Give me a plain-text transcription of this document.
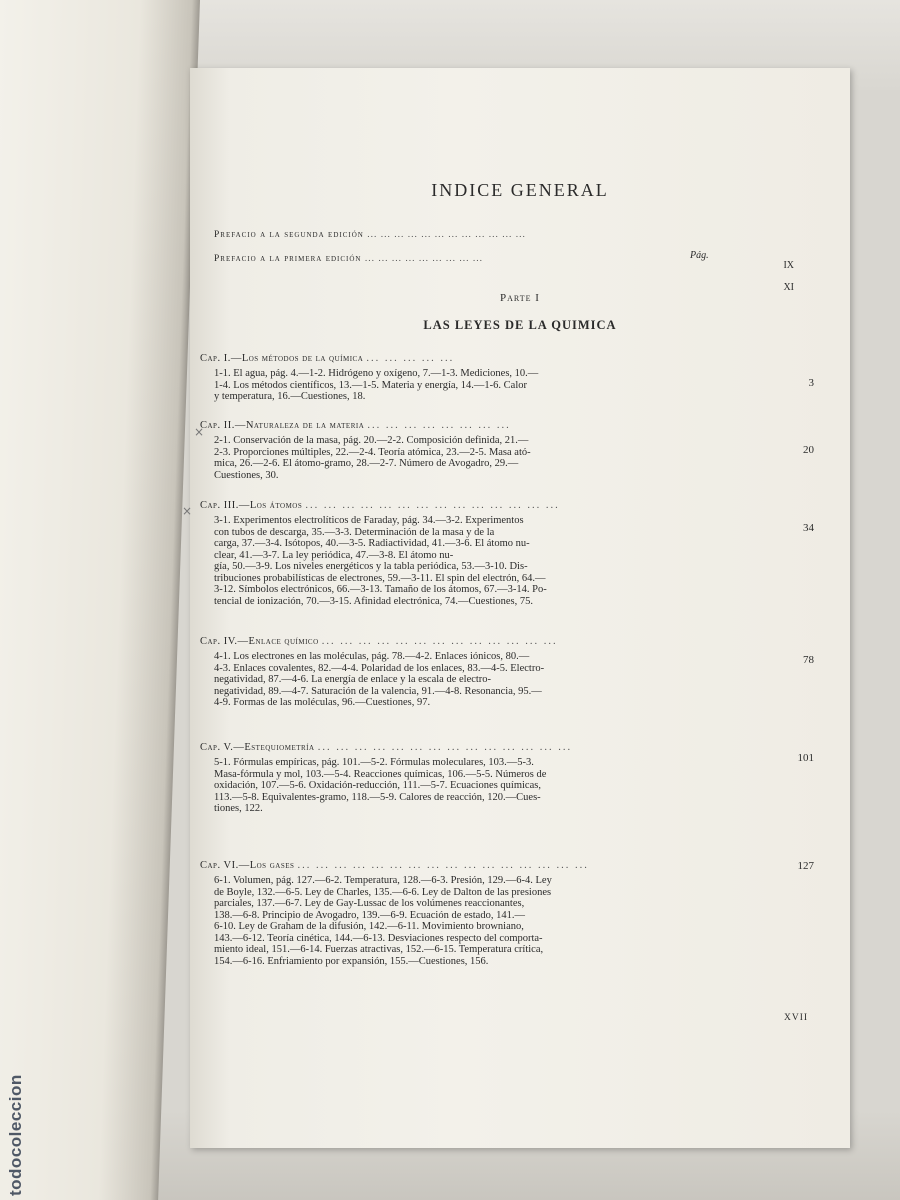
INDICE GENERAL
Prefacio a la segunda edición ... ... ... ... ... ... ... ... ... ... ... ...
IX
Prefacio a la primera edición ... ... ... ... ... ... ... ... ...
XI
Pág.
Parte I
LAS LEYES DE LA QUIMICA
×
×
Cap. I.—Los métodos de la química ... ... ... ... ...
3
1-1. El agua, pág. 4.—1-2. Hidrógeno y oxígeno, 7.—1-3. Mediciones, 10.—
1-4. Los métodos científicos, 13.—1-5. Materia y energía, 14.—1-6. Calor
y temperatura, 16.—Cuestiones, 18.
Cap. II.—Naturaleza de la materia ... ... ... ... ... ... ... ...
20
2-1. Conservación de la masa, pág. 20.—2-2. Composición definida, 21.—
2-3. Proporciones múltiples, 22.—2-4. Teoría atómica, 23.—2-5. Masa ató-
mica, 26.—2-6. El átomo-gramo, 28.—2-7. Número de Avogadro, 29.—
Cuestiones, 30.
Cap. III.—Los átomos ... ... ... ... ... ... ... ... ... ... ... ... ... ...
34
3-1. Experimentos electrolíticos de Faraday, pág. 34.—3-2. Experimentos
con tubos de descarga, 35.—3-3. Determinación de la masa y de la
carga, 37.—3-4. Isótopos, 40.—3-5. Radiactividad, 41.—3-6. El átomo nu-
clear, 41.—3-7. La ley periódica, 47.—3-8. El átomo nu-
gía, 50.—3-9. Los niveles energéticos y la tabla periódica, 53.—3-10. Dis-
tribuciones probabilísticas de electrones, 59.—3-11. El spin del electrón, 64.—
3-12. Símbolos electrónicos, 66.—3-13. Tamaño de los átomos, 67.—3-14. Po-
tencial de ionización, 70.—3-15. Afinidad electrónica, 74.—Cuestiones, 75.
Cap. IV.—Enlace químico ... ... ... ... ... ... ... ... ... ... ... ... ...
78
4-1. Los electrones en las moléculas, pág. 78.—4-2. Enlaces iónicos, 80.—
4-3. Enlaces covalentes, 82.—4-4. Polaridad de los enlaces, 83.—4-5. Electro-
negatividad, 87.—4-6. La energía de enlace y la escala de electro-
negatividad, 89.—4-7. Saturación de la valencia, 91.—4-8. Resonancia, 95.—
4-9. Formas de las moléculas, 96.—Cuestiones, 97.
Cap. V.—Estequiometría ... ... ... ... ... ... ... ... ... ... ... ... ... ...
101
5-1. Fórmulas empíricas, pág. 101.—5-2. Fórmulas moleculares, 103.—5-3.
Masa-fórmula y mol, 103.—5-4. Reacciones químicas, 106.—5-5. Números de
oxidación, 107.—5-6. Oxidación-reducción, 111.—5-7. Ecuaciones químicas,
113.—5-8. Equivalentes-gramo, 118.—5-9. Calores de reacción, 120.—Cues-
tiones, 122.
Cap. VI.—Los gases ... ... ... ... ... ... ... ... ... ... ... ... ... ... ... ...	127
6-1. Volumen, pág. 127.—6-2. Temperatura, 128.—6-3. Presión, 129.—6-4. Ley
de Boyle, 132.—6-5. Ley de Charles, 135.—6-6. Ley de Dalton de las presiones
parciales, 137.—6-7. Ley de Gay-Lussac de los volúmenes reaccionantes,
138.—6-8. Principio de Avogadro, 139.—6-9. Ecuación de estado, 141.—
6-10. Ley de Graham de la difusión, 142.—6-11. Movimiento browniano,
143.—6-12. Teoría cinética, 144.—6-13. Desviaciones respecto del comporta-
miento ideal, 151.—6-14. Fuerzas atractivas, 152.—6-15. Temperatura crítica,
154.—6-16. Enfriamiento por expansión, 155.—Cuestiones, 156.
XVII
todocoleccion
